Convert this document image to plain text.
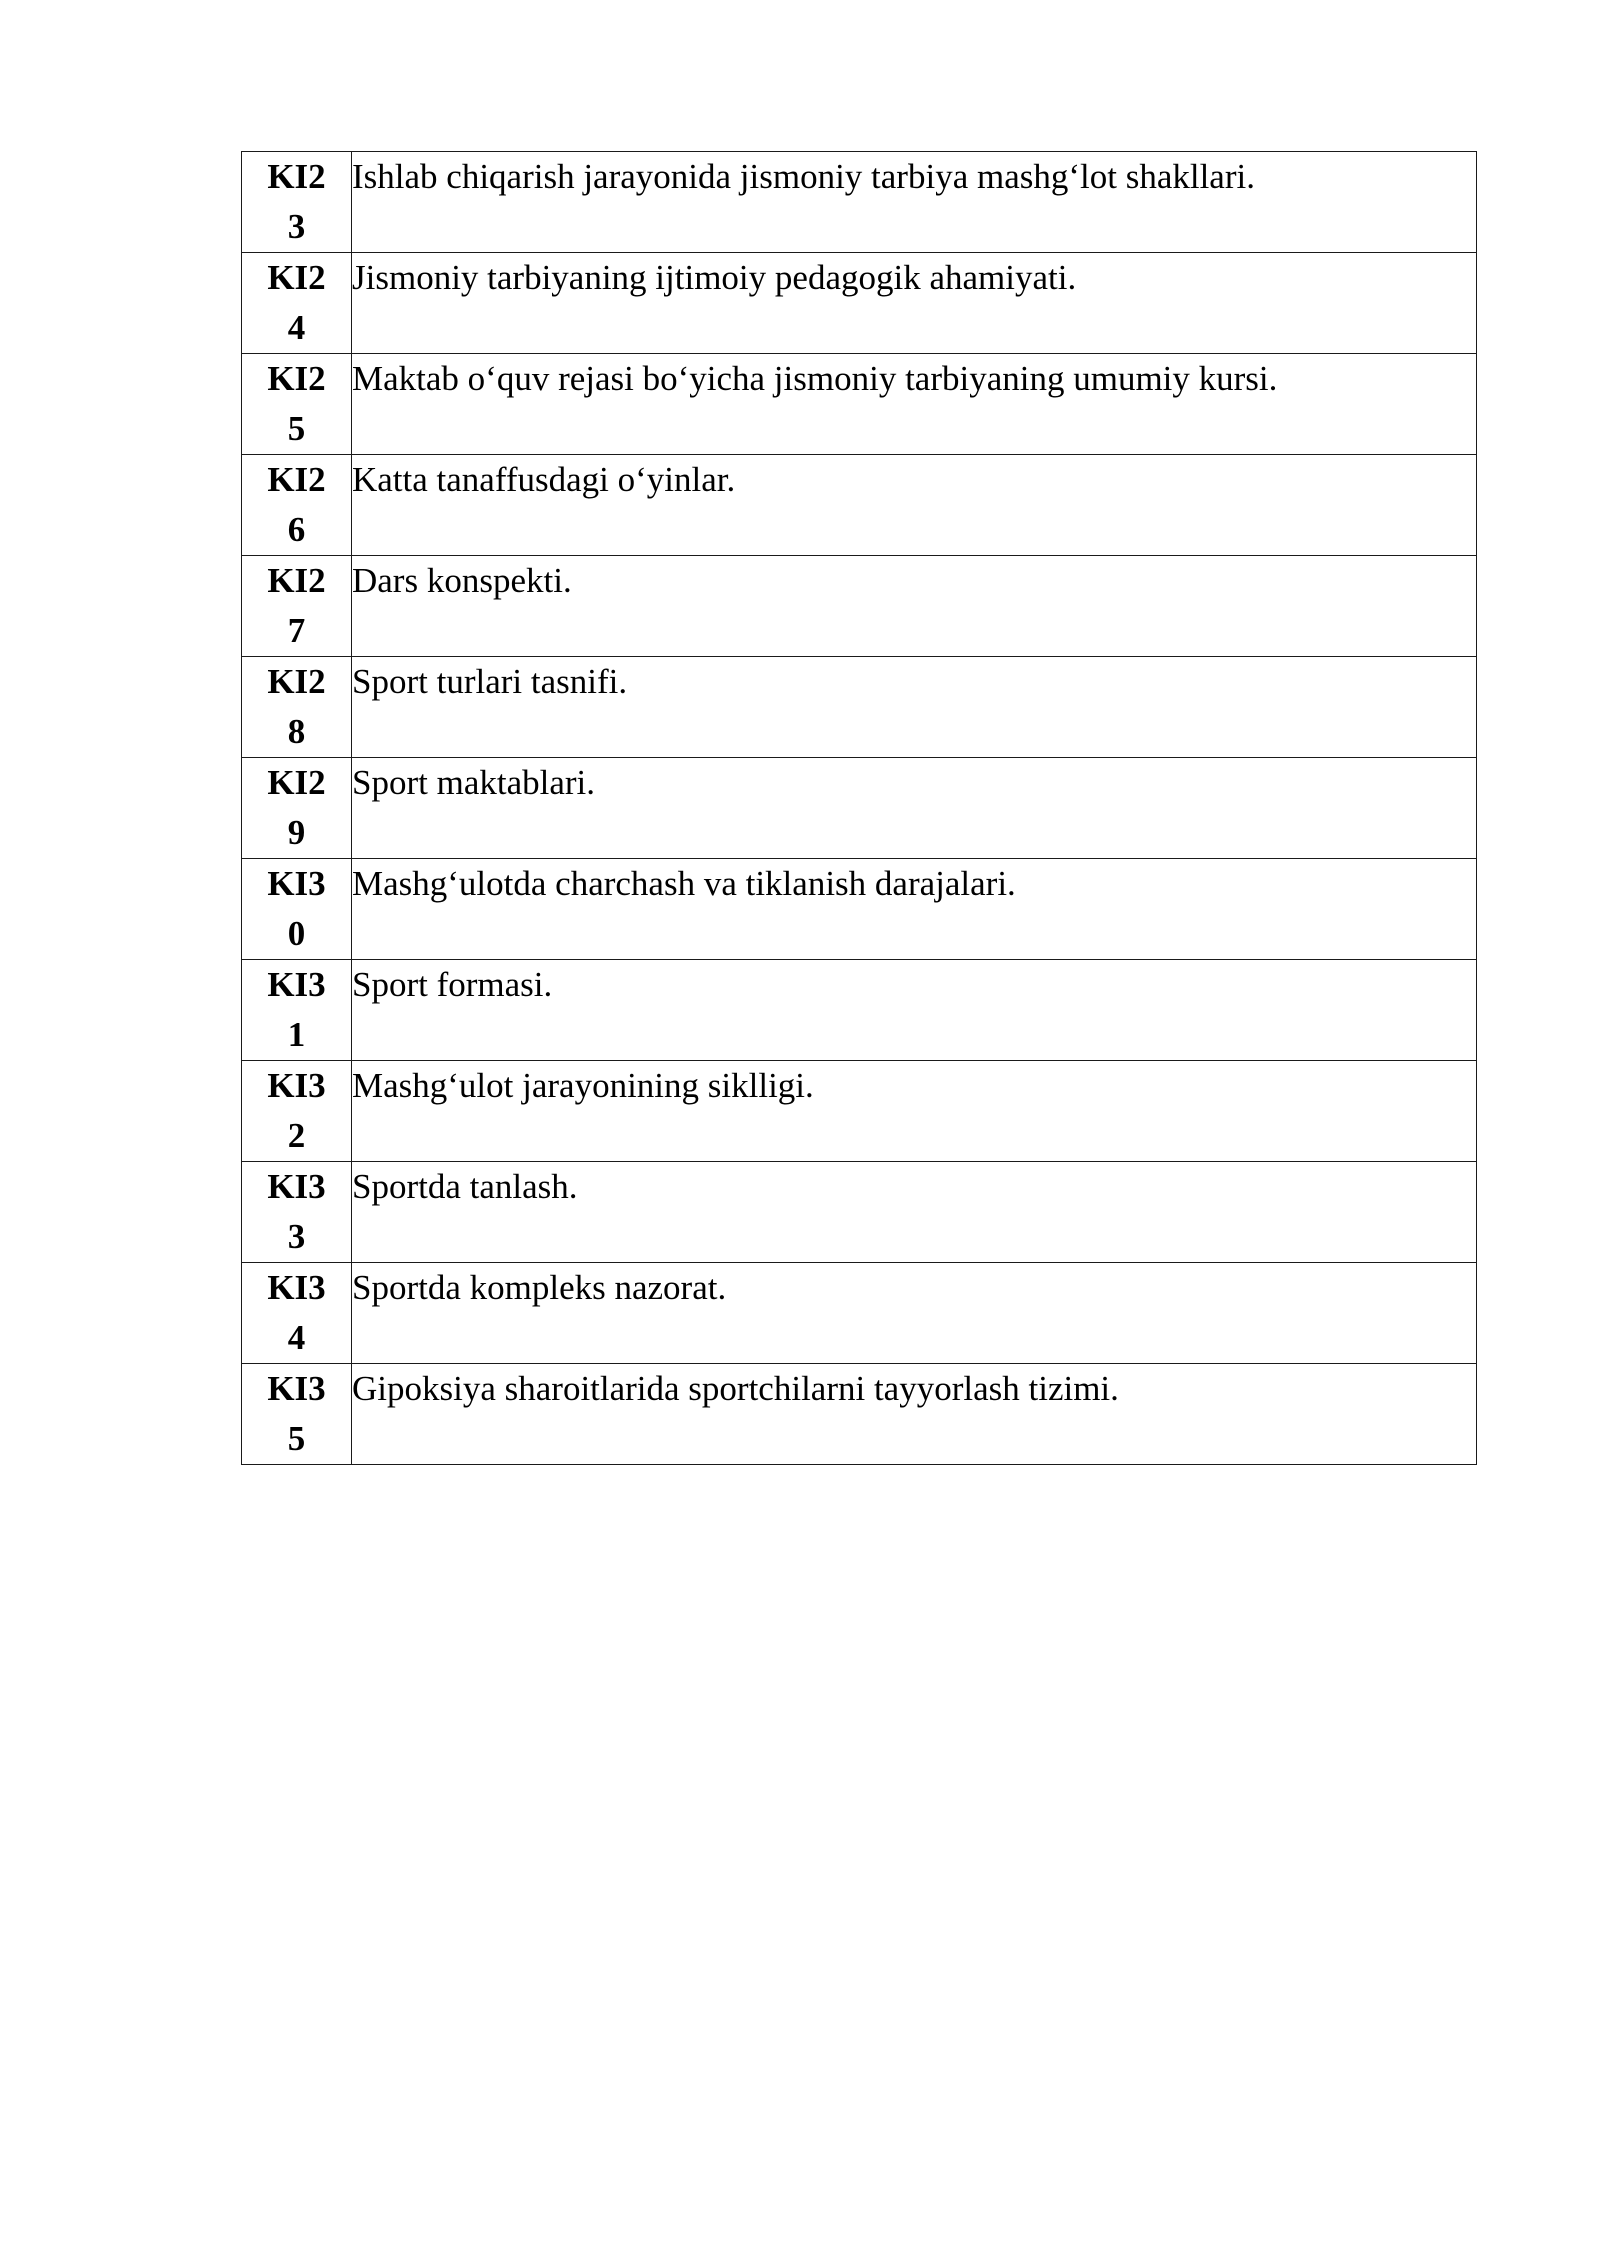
KI2
3	Ishlab chiqarish jarayonida jismoniy tarbiya mashg‘lot shakllari.

KI2
4	Jismoniy tarbiyaning ijtimoiy pedagogik ahamiyati.

KI2
5	Maktab o‘quv rejasi bo‘yicha jismoniy tarbiyaning umumiy kursi.

KI2
6	Katta tanaffusdagi o‘yinlar.

KI2
7	Dars konspekti.

KI2
8	Sport turlari tasnifi.

KI2
9	Sport maktablari.

KI3
0	Mashg‘ulotda charchash va tiklanish darajalari.

KI3
1	Sport formasi.

KI3
2	Mashg‘ulot jarayonining siklligi.

KI3
3	Sportda tanlash.

KI3
4	Sportda kompleks nazorat.

KI3
5	Gipoksiya sharoitlarida sportchilarni tayyorlash tizimi.
